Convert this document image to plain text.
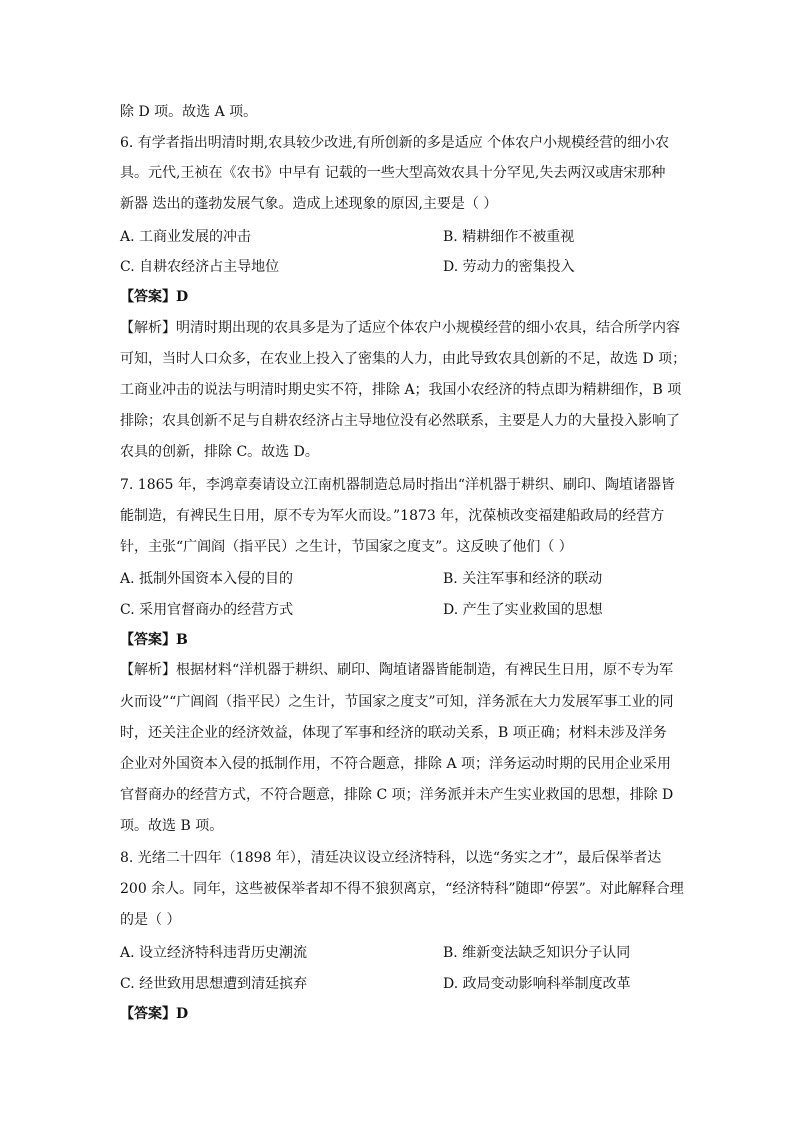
除 D 项。故选 A 项。
6. 有学者指出明清时期,农具较少改进,有所创新的多是适应 个体农户小规模经营的细小农
具。元代,王祯在《农书》中早有 记载的一些大型高效农具十分罕见,失去两汉或唐宋那种
新器 迭出的蓬勃发展气象。造成上述现象的原因,主要是（ ）
A. 工商业发展的冲击	B. 精耕细作不被重视
C. 自耕农经济占主导地位	D. 劳动力的密集投入
【答案】D
【解析】明清时期出现的农具多是为了适应个体农户小规模经营的细小农具，结合所学内容
可知，当时人口众多，在农业上投入了密集的人力，由此导致农具创新的不足，故选 D 项；
工商业冲击的说法与明清时期史实不符，排除 A；我国小农经济的特点即为精耕细作，B 项
排除；农具创新不足与自耕农经济占主导地位没有必然联系，主要是人力的大量投入影响了
农具的创新，排除 C。故选 D。
7. 1865 年，李鸿章奏请设立江南机器制造总局时指出“洋机器于耕织、刷印、陶埴诸器皆
能制造，有裨民生日用，原不专为军火而设。”1873 年，沈葆桢改变福建船政局的经营方
针，主张“广阊阎（指平民）之生计，节国家之度支”。这反映了他们（ ）
A. 抵制外国资本入侵的目的	B. 关注军事和经济的联动
C. 采用官督商办的经营方式	D. 产生了实业救国的思想
【答案】B
【解析】根据材料“洋机器于耕织、刷印、陶埴诸器皆能制造，有裨民生日用，原不专为军
火而设”“广阊阎（指平民）之生计，节国家之度支”可知，洋务派在大力发展军事工业的同
时，还关注企业的经济效益，体现了军事和经济的联动关系，B 项正确；材料未涉及洋务
企业对外国资本入侵的抵制作用，不符合题意，排除 A 项；洋务运动时期的民用企业采用
官督商办的经营方式，不符合题意，排除 C 项；洋务派并未产生实业救国的思想，排除 D
项。故选 B 项。
8. 光绪二十四年（1898 年），清廷决议设立经济特科，以选“务实之才”，最后保举者达
200 余人。同年，这些被保举者却不得不狼狈离京，“经济特科”随即“停罢”。对此解释合理
的是（ ）
A. 设立经济特科违背历史潮流	B. 维新变法缺乏知识分子认同
C. 经世致用思想遭到清廷摈弃	D. 政局变动影响科举制度改革
【答案】D
